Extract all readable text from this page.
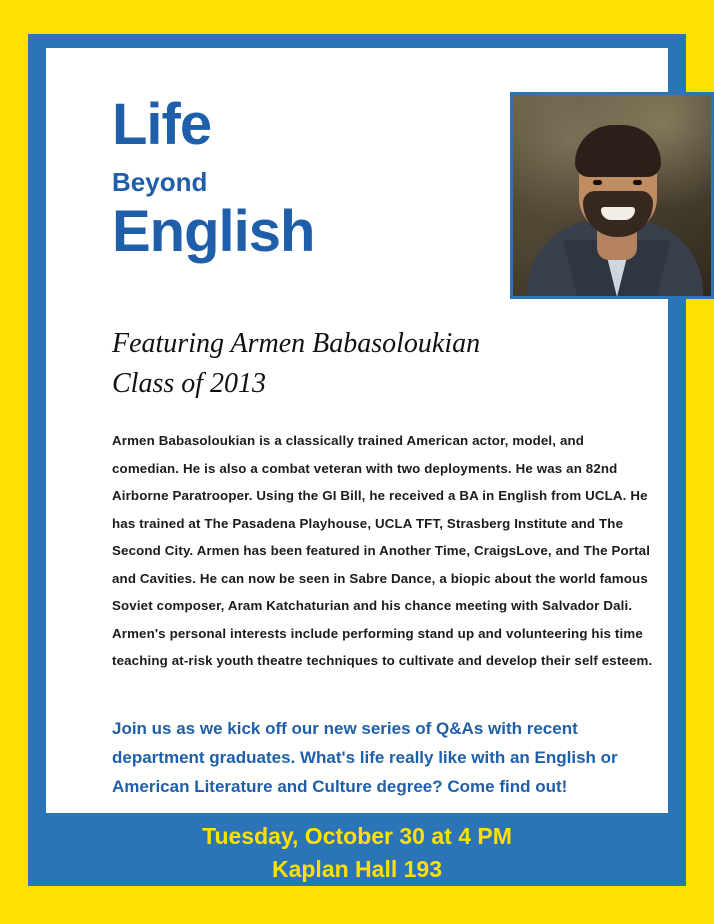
Life
Beyond
English
Featuring Armen Babasoloukian
Class of 2013
Armen Babasoloukian is a classically trained American actor, model, and comedian. He is also a combat veteran with two deployments. He was an 82nd Airborne Paratrooper. Using the GI Bill, he received a BA in English from UCLA. He has trained at The Pasadena Playhouse, UCLA TFT, Strasberg Institute and The Second City. Armen has been featured in Another Time, CraigsLove, and The Portal and Cavities. He can now be seen in Sabre Dance, a biopic about the world famous Soviet composer, Aram Katchaturian and his chance meeting with Salvador Dali. Armen's personal interests include performing stand up and volunteering his time teaching at-risk youth theatre techniques to cultivate and develop their self esteem.
Join us as we kick off our new series of Q&As with recent department graduates. What's life really like with an English or American Literature and Culture degree? Come find out!
Tuesday, October 30 at 4 PM
Kaplan Hall 193
